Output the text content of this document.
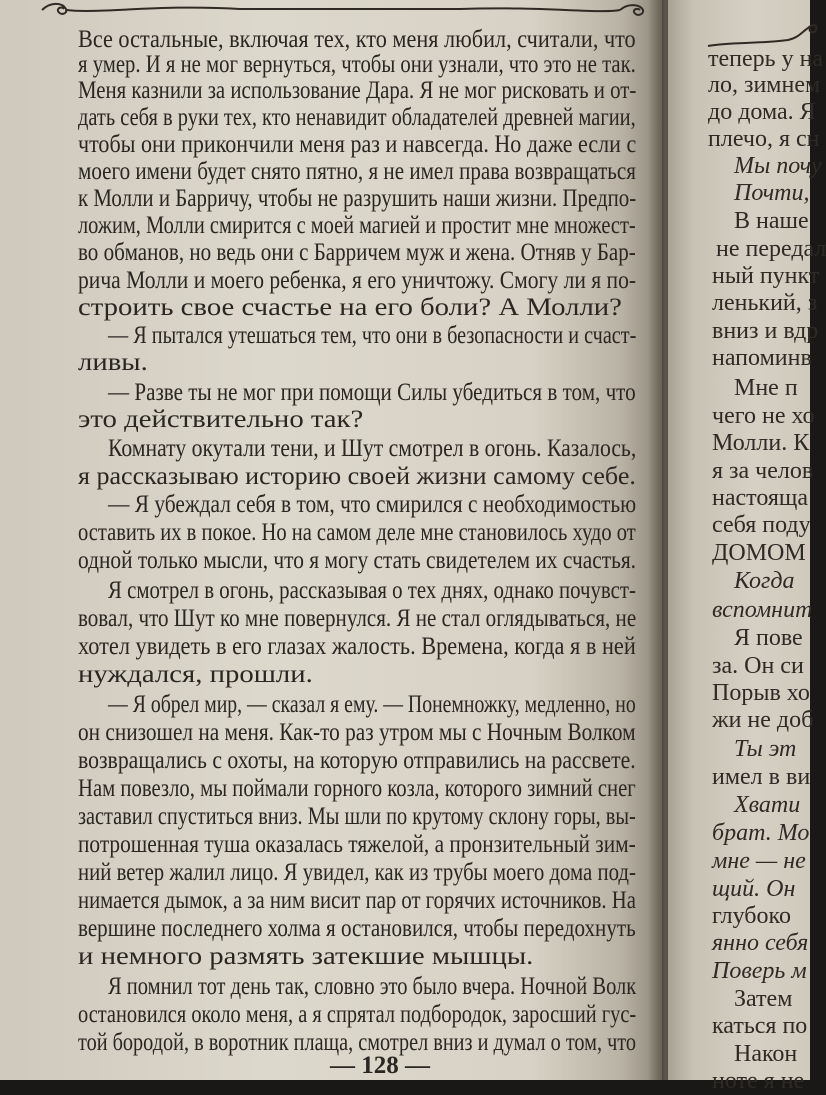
Все остальные, включая тех, кто меня любил, считали, что
я умер. И я не мог вернуться, чтобы они узнали, что это не так.
Меня казнили за использование Дара. Я не мог рисковать и от-
дать себя в руки тех, кто ненавидит обладателей древней магии,
чтобы они прикончили меня раз и навсегда. Но даже если с
моего имени будет снято пятно, я не имел права возвращаться
к Молли и Барричу, чтобы не разрушить наши жизни. Предпо-
ложим, Молли смирится с моей магией и простит мне множест-
во обманов, но ведь они с Барричем муж и жена. Отняв у Бар-
рича Молли и моего ребенка, я его уничтожу. Смогу ли я по-
строить свое счастье на его боли? А Молли?
— Я пытался утешаться тем, что они в безопасности и счаст-
ливы.
— Разве ты не мог при помощи Силы убедиться в том, что
это действительно так?
Комнату окутали тени, и Шут смотрел в огонь. Казалось,
я рассказываю историю своей жизни самому себе.
— Я убеждал себя в том, что смирился с необходимостью
оставить их в покое. Но на самом деле мне становилось худо от
одной только мысли, что я могу стать свидетелем их счастья.
Я смотрел в огонь, рассказывая о тех днях, однако почувст-
вовал, что Шут ко мне повернулся. Я не стал оглядываться, не
хотел увидеть в его глазах жалость. Времена, когда я в ней
нуждался, прошли.
— Я обрел мир, — сказал я ему. — Понемножку, медленно, но
он снизошел на меня. Как-то раз утром мы с Ночным Волком
возвращались с охоты, на которую отправились на рассвете.
Нам повезло, мы поймали горного козла, которого зимний снег
заставил спуститься вниз. Мы шли по крутому склону горы, вы-
потрошенная туша оказалась тяжелой, а пронзительный зим-
ний ветер жалил лицо. Я увидел, как из трубы моего дома под-
нимается дымок, а за ним висит пар от горячих источников. На
вершине последнего холма я остановился, чтобы передохнуть
и немного размять затекшие мышцы.
Я помнил тот день так, словно это было вчера. Ночной Волк
остановился около меня, а я спрятал подбородок, заросший гус-
той бородой, в воротник плаща, смотрел вниз и думал о том, что
— 128 —
теперь у на
ло, зимнем
до дома. Я
плечо, я сн
Мы почу
Почти,
В наше
не передал
ный пункт
ленький, з
вниз и вдр
напоминв
Мне п
чего не хо
Молли. К
я за челов
настояща
себя поду
ДОМОМ
Когда
вспомнит
Я пове
за. Он си
Порыв хо
жи не доб
Ты эт
имел в ви
Хвати
брат. Мо
мне — не
щий. Он
глубоко
янно себя
Поверь м
Затем
каться по
Након
ноте я не
